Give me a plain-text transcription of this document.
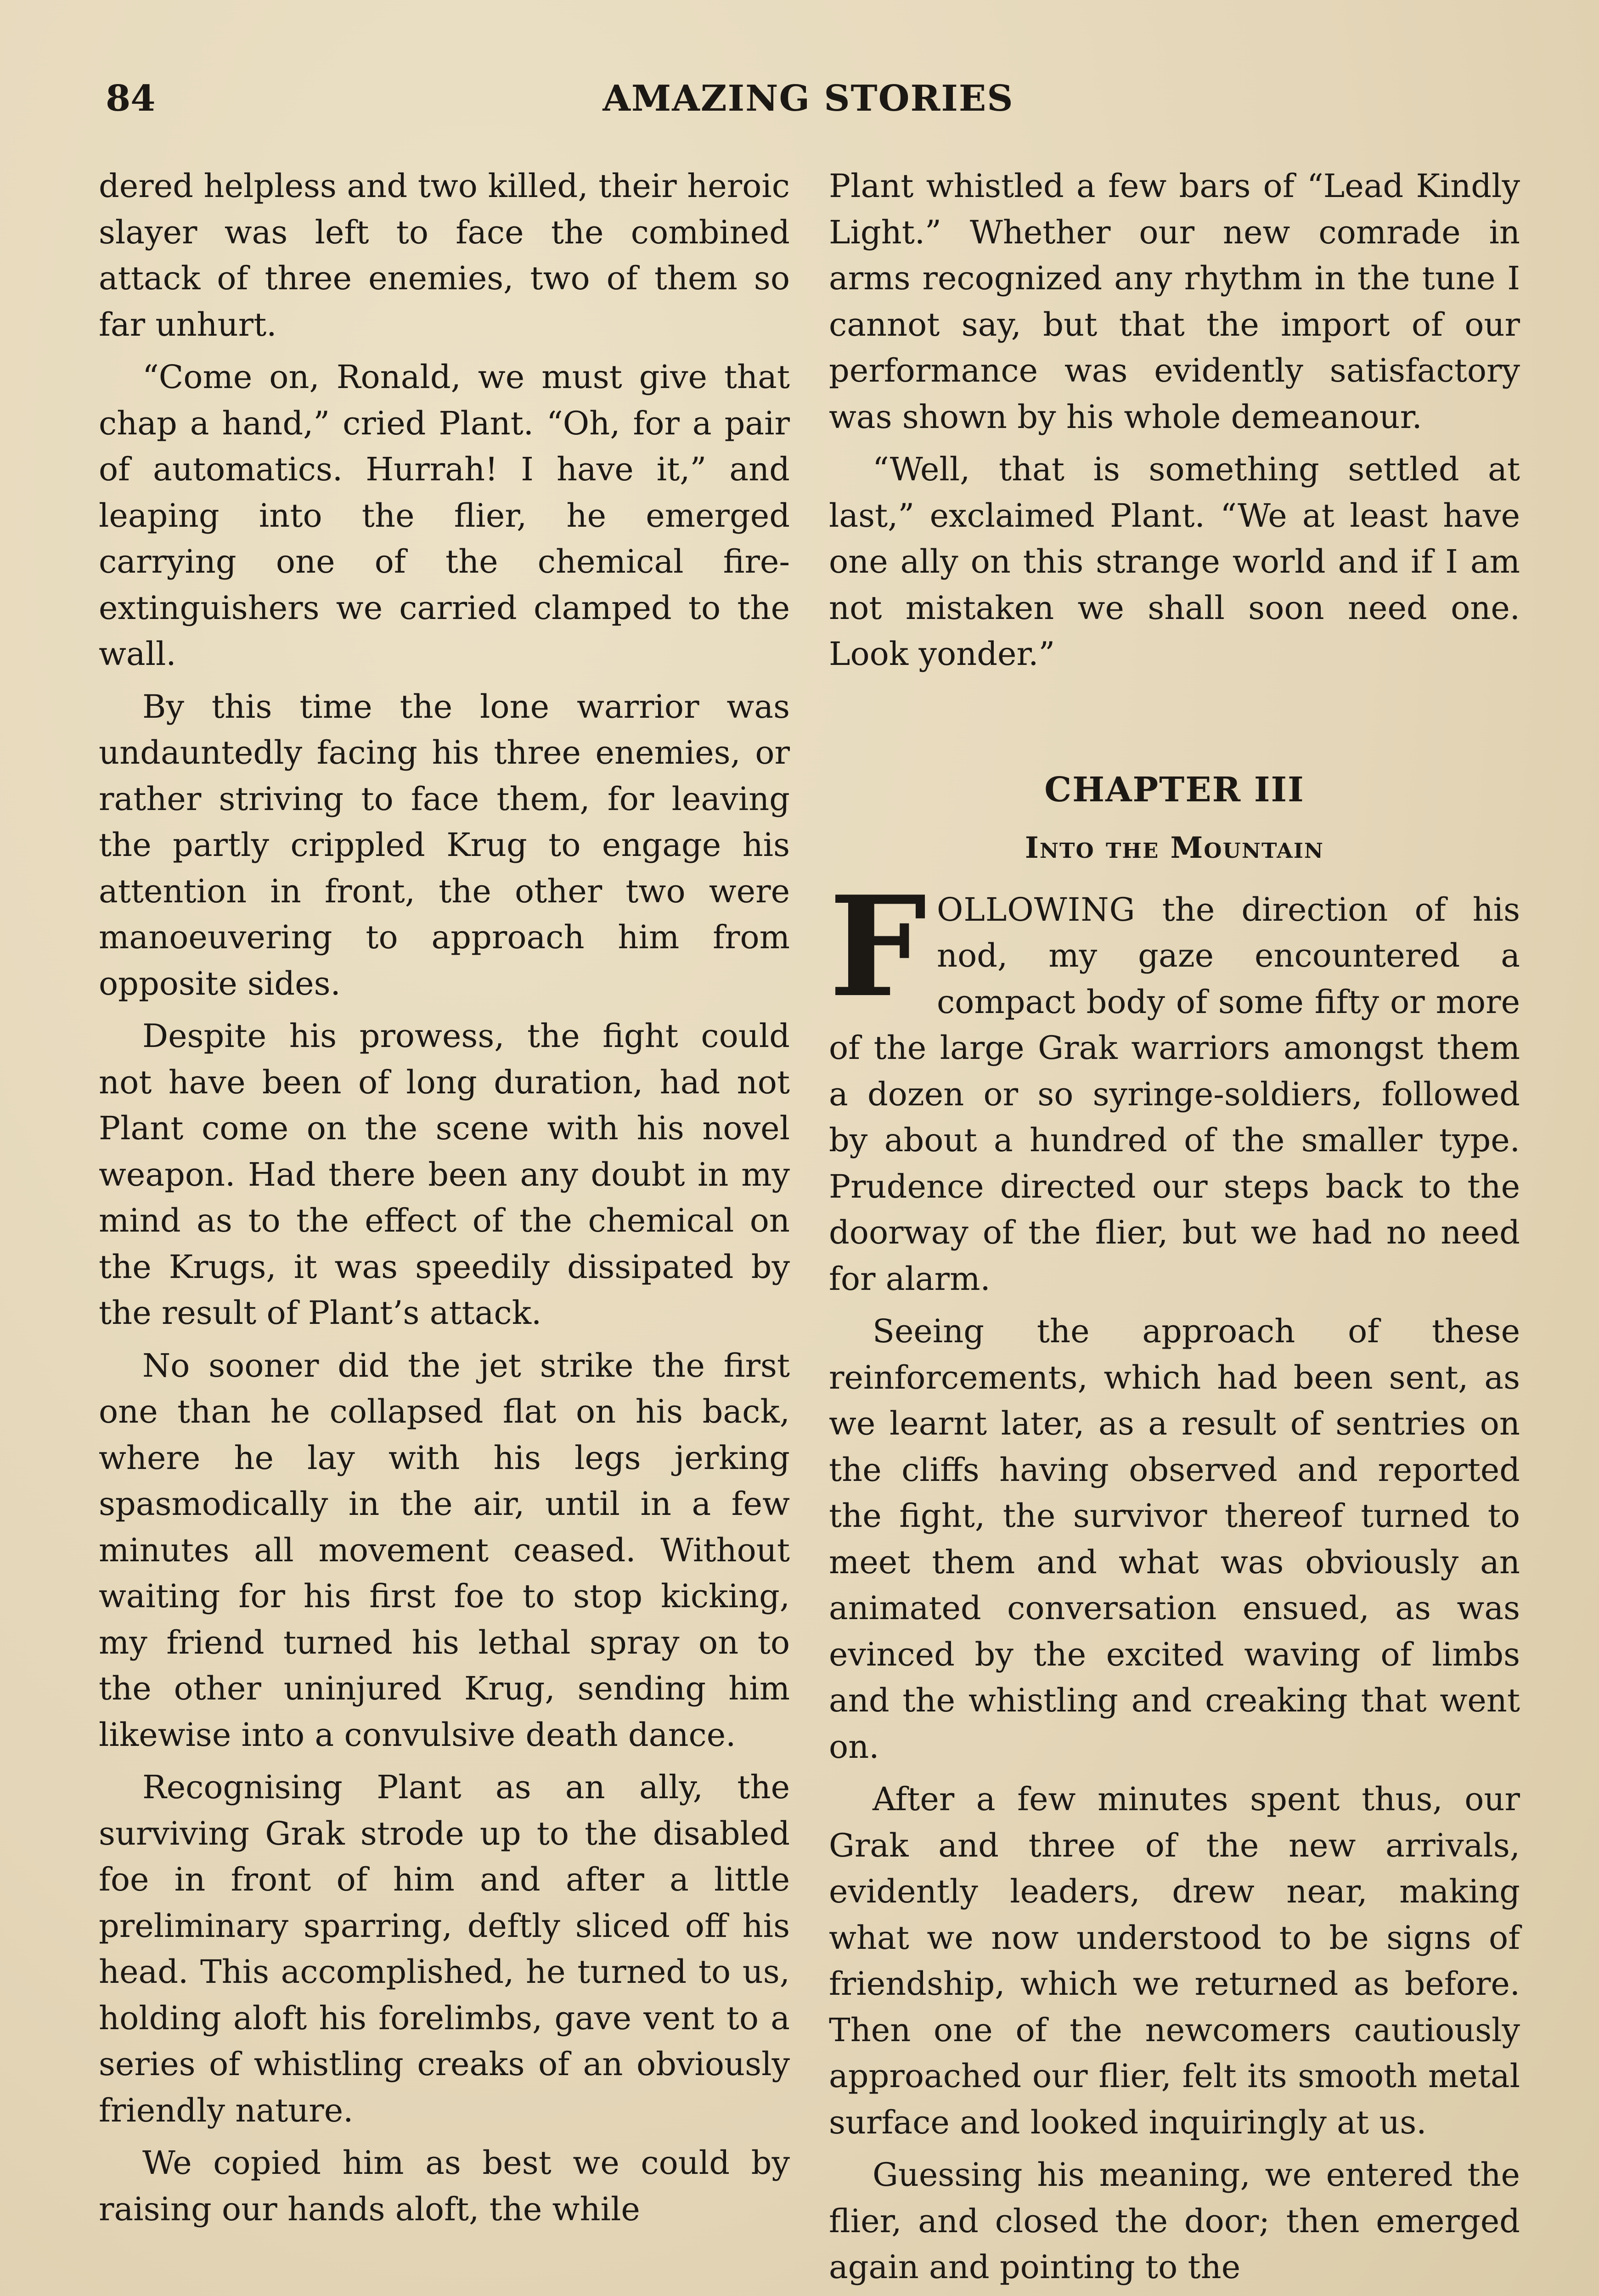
84	AMAZING STORIES

dered helpless and two killed, their heroic slayer was left to face the combined attack of three enemies, two of them so far unhurt.

“Come on, Ronald, we must give that chap a hand,” cried Plant. “Oh, for a pair of automatics. Hurrah! I have it,” and leaping into the flier, he emerged carrying one of the chemical fire-extinguishers we carried clamped to the wall.

By this time the lone warrior was undauntedly facing his three enemies, or rather striving to face them, for leaving the partly crippled Krug to engage his attention in front, the other two were manoeuvering to approach him from opposite sides.

Despite his prowess, the fight could not have been of long duration, had not Plant come on the scene with his novel weapon. Had there been any doubt in my mind as to the effect of the chemical on the Krugs, it was speedily dissipated by the result of Plant’s attack.

No sooner did the jet strike the first one than he collapsed flat on his back, where he lay with his legs jerking spasmodically in the air, until in a few minutes all movement ceased. Without waiting for his first foe to stop kicking, my friend turned his lethal spray on to the other uninjured Krug, sending him likewise into a convulsive death dance.

Recognising Plant as an ally, the surviving Grak strode up to the disabled foe in front of him and after a little preliminary sparring, deftly sliced off his head. This accomplished, he turned to us, holding aloft his forelimbs, gave vent to a series of whistling creaks of an obviously friendly nature.

We copied him as best we could by raising our hands aloft, the while

Plant whistled a few bars of “Lead Kindly Light.” Whether our new comrade in arms recognized any rhythm in the tune I cannot say, but that the import of our performance was evidently satisfactory was shown by his whole demeanour.

“Well, that is something settled at last,” exclaimed Plant. “We at least have one ally on this strange world and if I am not mistaken we shall soon need one. Look yonder.”

CHAPTER III
Into the Mountain

FOLLOWING the direction of his nod, my gaze encountered a compact body of some fifty or more of the large Grak warriors amongst them a dozen or so syringe-soldiers, followed by about a hundred of the smaller type. Prudence directed our steps back to the doorway of the flier, but we had no need for alarm.

Seeing the approach of these reinforcements, which had been sent, as we learnt later, as a result of sentries on the cliffs having observed and reported the fight, the survivor thereof turned to meet them and what was obviously an animated conversation ensued, as was evinced by the excited waving of limbs and the whistling and creaking that went on.

After a few minutes spent thus, our Grak and three of the new arrivals, evidently leaders, drew near, making what we now understood to be signs of friendship, which we returned as before. Then one of the newcomers cautiously approached our flier, felt its smooth metal surface and looked inquiringly at us.

Guessing his meaning, we entered the flier, and closed the door; then emerged again and pointing to the
